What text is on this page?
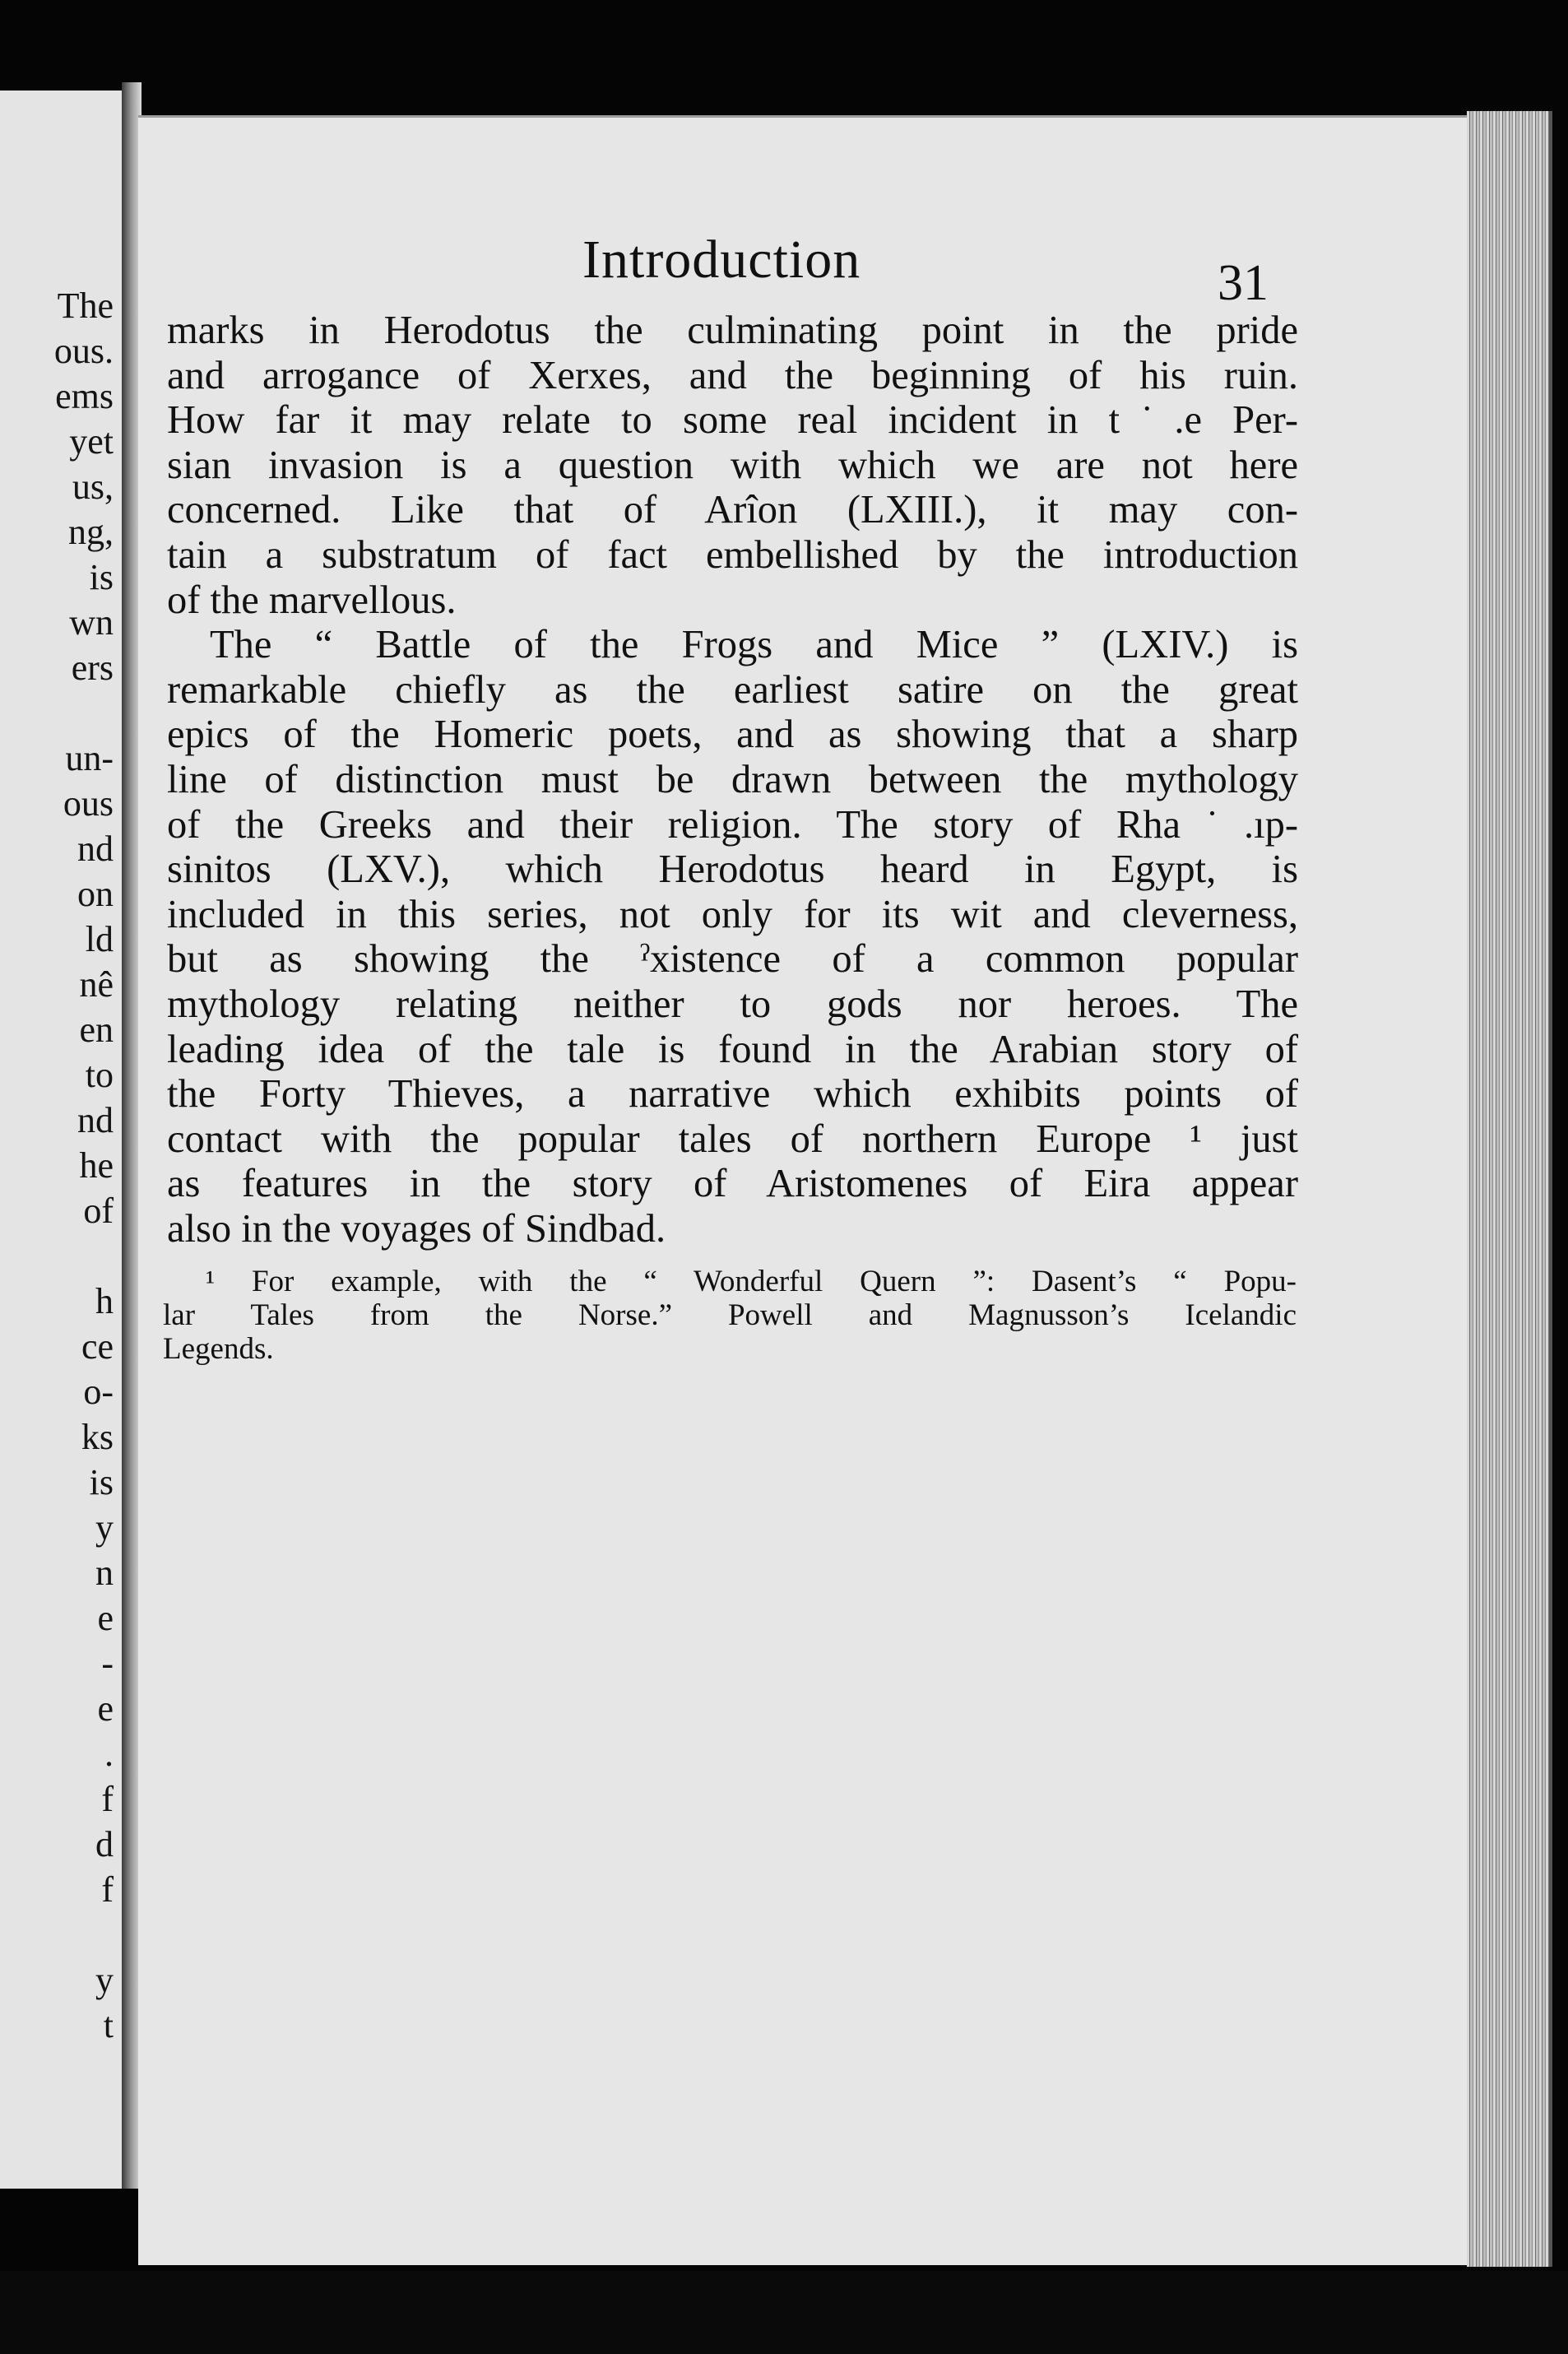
The
ous.
ems
yet
us,
ng,
is
wn
ers
un-
ous
nd
on
ld
nê
en
to
nd
he
of
h
ce
o-
ks
is
y
n
e
-
e
.
f
d
f
y
t
Introduction	31
marks in Herodotus the culminating point in the pride
and arrogance of Xerxes, and the beginning of his ruin.
How far it may relate to some real incident in t˙.e Per-
sian invasion is a question with which we are not here
concerned. Like that of Arîon (LXIII.), it may con-
tain a substratum of fact embellished by the introduction
of the marvellous.
The “ Battle of the Frogs and Mice ” (LXIV.) is
remarkable chiefly as the earliest satire on the great
epics of the Homeric poets, and as showing that a sharp
line of distinction must be drawn between the mythology
of the Greeks and their religion. The story of Rha˙.ıp-
sinitos (LXV.), which Herodotus heard in Egypt, is
included in this series, not only for its wit and cleverness,
but as showing the ˀxistence of a common popular
mythology relating neither to gods nor heroes. The
leading idea of the tale is found in the Arabian story of
the Forty Thieves, a narrative which exhibits points of
contact with the popular tales of northern Europe ¹ just
as features in the story of Aristomenes of Eira appear
also in the voyages of Sindbad.
¹ For example, with the “ Wonderful Quern ”: Dasent’s “ Popu-
lar Tales from the Norse.” Powell and Magnusson’s Icelandic
Legends.
